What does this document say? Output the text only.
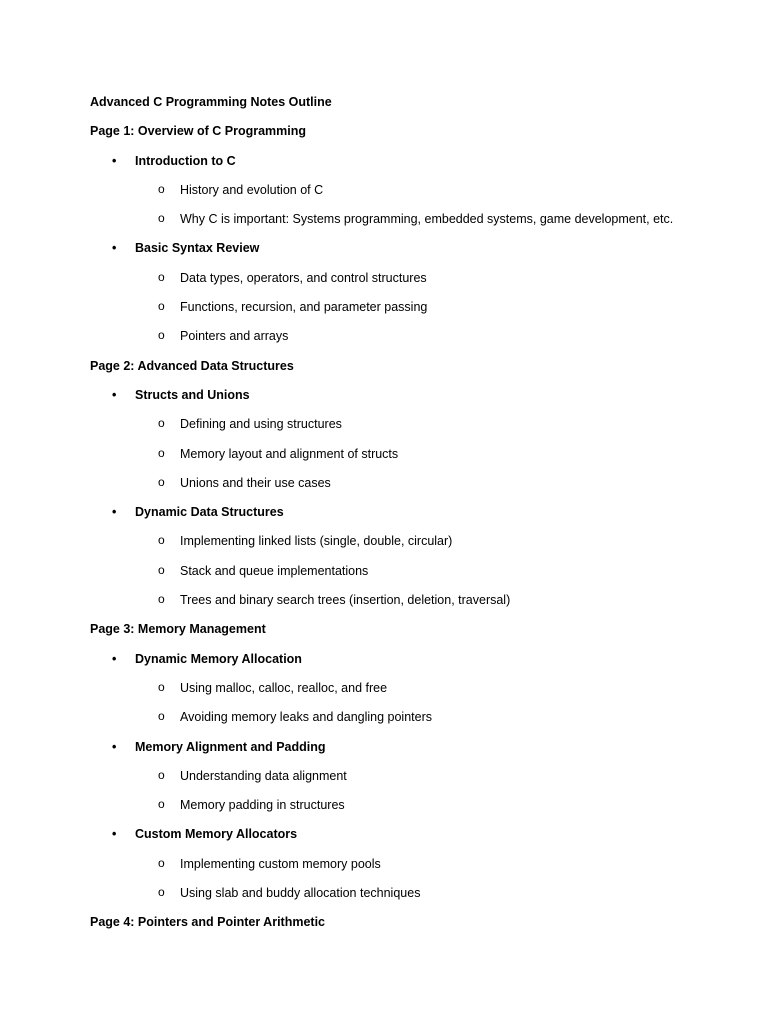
Advanced C Programming Notes Outline
Page 1: Overview of C Programming
• Introduction to C
o History and evolution of C
o Why C is important: Systems programming, embedded systems, game development, etc.
• Basic Syntax Review
o Data types, operators, and control structures
o Functions, recursion, and parameter passing
o Pointers and arrays
Page 2: Advanced Data Structures
• Structs and Unions
o Defining and using structures
o Memory layout and alignment of structs
o Unions and their use cases
• Dynamic Data Structures
o Implementing linked lists (single, double, circular)
o Stack and queue implementations
o Trees and binary search trees (insertion, deletion, traversal)
Page 3: Memory Management
• Dynamic Memory Allocation
o Using malloc, calloc, realloc, and free
o Avoiding memory leaks and dangling pointers
• Memory Alignment and Padding
o Understanding data alignment
o Memory padding in structures
• Custom Memory Allocators
o Implementing custom memory pools
o Using slab and buddy allocation techniques
Page 4: Pointers and Pointer Arithmetic
